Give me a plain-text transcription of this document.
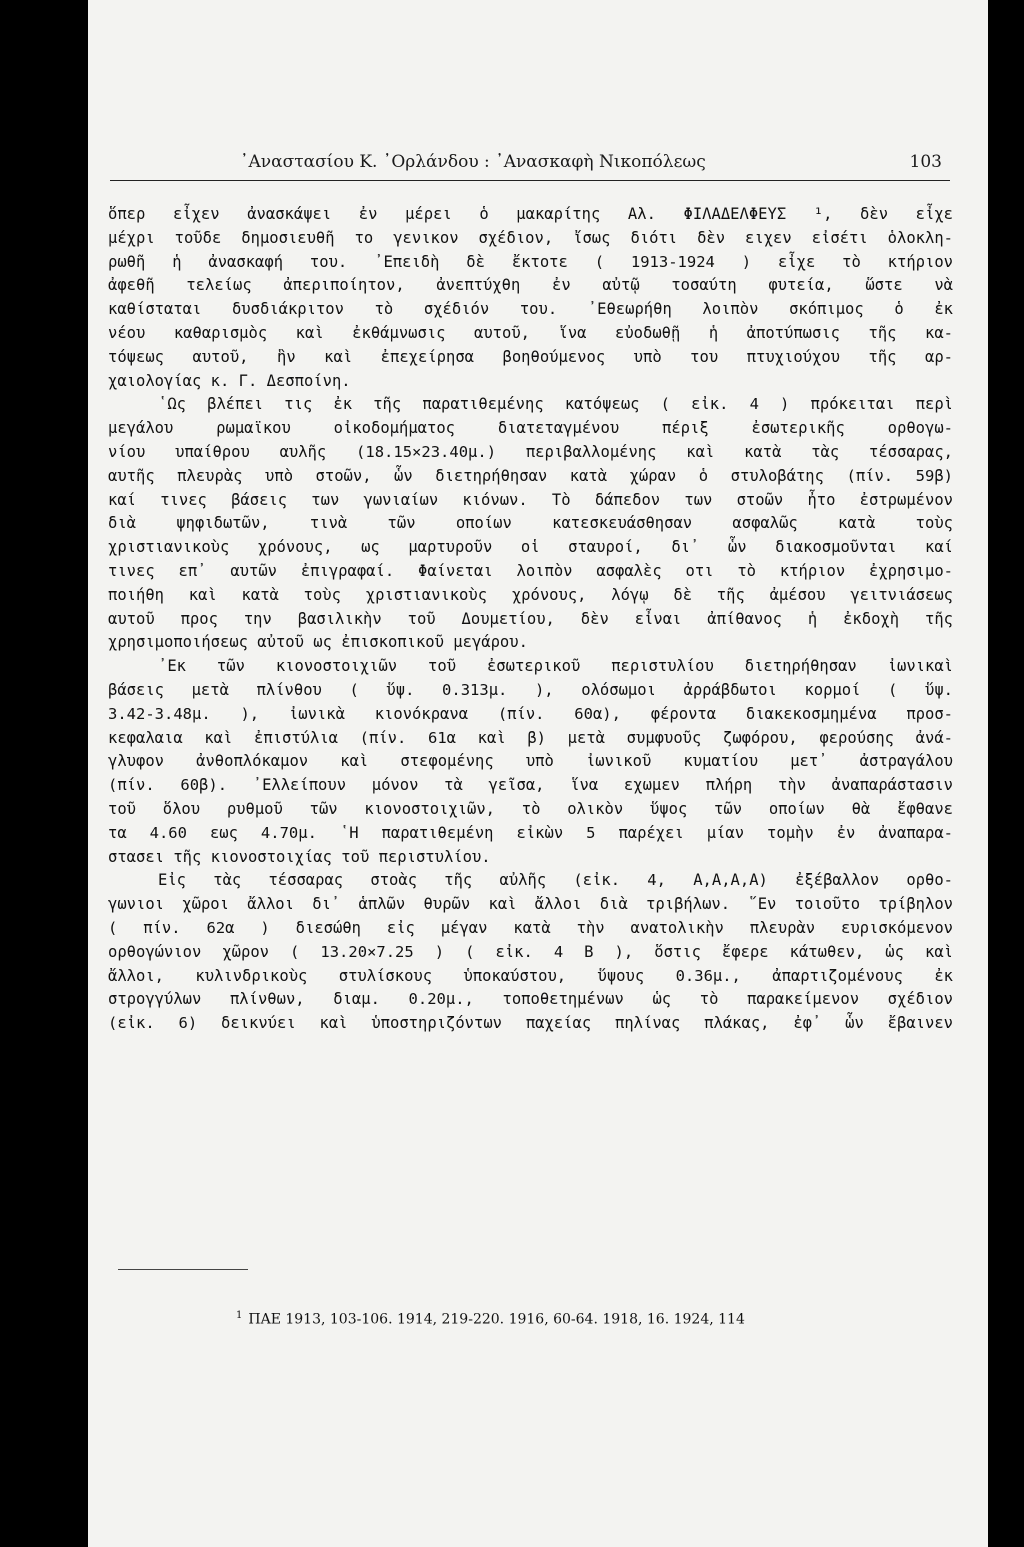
᾿Αναστασίου Κ. ᾿Ορλάνδου : ᾿Ανασκαφὴ Νικοπόλεως	103
ὅπερ εἶχεν ἀνασκάψει ἐν μέρει ὁ μακαρίτης Αλ. ΦΙΛΑΔΕΛΦΕΥΣ ¹, δὲν εἶχε
μέχρι τοῦδε δημοσιευθῆ το γενικον σχέδιον, ἴσως διότι δὲν ειχεν εἰσέτι ὁλοκλη-
ρωθῆ ἡ ἀνασκαφή του. ᾿Επειδὴ δὲ ἔκτοτε ( 1913-1924 ) εἶχε τὸ κτήριον
ἀφεθῆ τελείως ἀπεριποίητον, ἀνεπτύχθη ἐν αὐτῷ τοσαύτη φυτεία, ὥστε νὰ
καθίσταται δυσδιάκριτον τὸ σχέδιόν του. ᾿Εθεωρήθη λοιπὸν σκόπιμος ὁ ἐκ
νέου καθαρισμὸς καὶ ἐκθάμνωσις αυτοῦ, ἵνα εὐοδωθῇ ἡ ἀποτύπωσις τῆς κα-
τόψεως αυτοῦ, ἣν καὶ ἐπεχείρησα βοηθούμενος υπὸ του πτυχιούχου τῆς αρ-
χαιολογίας κ. Γ. Δεσποίνη.
῾Ως βλέπει τις ἐκ τῆς παρατιθεμένης κατόψεως ( εἰκ. 4 ) πρόκειται περὶ
μεγάλου ρωμαϊκου οἰκοδομήματος διατεταγμένου πέριξ ἐσωτερικῆς ορθογω-
νίου υπαίθρου αυλῆς (18.15×23.40μ.) περιβαλλομένης καὶ κατὰ τὰς τέσσαρας,
αυτῆς πλευρὰς υπὸ στοῶν, ὧν διετηρήθησαν κατὰ χώραν ὁ στυλοβάτης (πίν. 59β)
καί τινες βάσεις των γωνιαίων κιόνων. Τὸ δάπεδον των στοῶν ἦτο ἐστρωμένον
διὰ ψηφιδωτῶν, τινὰ τῶν οποίων κατεσκευάσθησαν ασφαλῶς κατὰ τοὺς
χριστιανικοὺς χρόνους, ως μαρτυροῦν οἱ σταυροί, δι᾿ ὧν διακοσμοῦνται καί
τινες επ᾿ αυτῶν ἐπιγραφαί. Φαίνεται λοιπὸν ασφαλὲς οτι τὸ κτήριον ἐχρησιμο-
ποιήθη καὶ κατὰ τοὺς χριστιανικοὺς χρόνους, λόγῳ δὲ τῆς ἀμέσου γειτνιάσεως
αυτοῦ προς την βασιλικὴν τοῦ Δουμετίου, δὲν εἶναι ἀπίθανος ἡ ἐκδοχὴ τῆς
χρησιμοποιήσεως αὐτοῦ ως ἐπισκοπικοῦ μεγάρου.
᾿Εκ τῶν κιονοστοιχιῶν τοῦ ἐσωτερικοῦ περιστυλίου διετηρήθησαν ἰωνικαὶ
βάσεις μετὰ πλίνθου ( ὕψ. 0.313μ. ), ολόσωμοι ἀρράβδωτοι κορμοί ( ὕψ.
3.42-3.48μ. ), ἰωνικὰ κιονόκρανα (πίν. 60α), φέροντα διακεκοσμημένα προσ-
κεφαλαια καὶ ἐπιστύλια (πίν. 61α καὶ β) μετὰ συμφυοῦς ζωφόρου, φερούσης ἀνά-
γλυφον ἀνθοπλόκαμον καὶ στεφομένης υπὸ ἰωνικοῦ κυματίου μετ᾿ ἀστραγάλου
(πίν. 60β). ᾿Ελλείπουν μόνον τὰ γεῖσα, ἵνα εχωμεν πλήρη τὴν ἀναπαράστασιν
τοῦ ὅλου ρυθμοῦ τῶν κιονοστοιχιῶν, τὸ ολικὸν ὕψος τῶν οποίων θὰ ἔφθανε
τα 4.60 εως 4.70μ. ῾Η παρατιθεμένη εἰκὼν 5 παρέχει μίαν τομὴν ἐν ἀναπαρα-
στασει τῆς κιονοστοιχίας τοῦ περιστυλίου.
Εἰς τὰς τέσσαρας στοὰς τῆς αὐλῆς (εἰκ. 4, Α,Α,Α,Α) ἐξέβαλλον ορθο-
γωνιοι χῶροι ἄλλοι δι᾿ ἁπλῶν θυρῶν καὶ ἄλλοι διὰ τριβήλων. ῞Εν τοιοῦτο τρίβηλον
( πίν. 62α ) διεσώθη εἰς μέγαν κατὰ τὴν ανατολικὴν πλευρὰν ευρισκόμενον
ορθογώνιον χῶρον ( 13.20×7.25 ) ( εἰκ. 4 Β ), ὅστις ἔφερε κάτωθεν, ὡς καὶ
ἄλλοι, κυλινδρικοὺς στυλίσκους ὑποκαύστου, ὕψους 0.36μ., ἀπαρτιζομένους ἐκ
στρογγύλων πλίνθων, διαμ. 0.20μ., τοποθετημένων ὡς τὸ παρακείμενον σχέδιον
(εἰκ. 6) δεικνύει καὶ ὑποστηριζόντων παχείας πηλίνας πλάκας, ἐφ᾿ ὧν ἔβαινεν
$^1$ ΠΑΕ 1913, 103-106. 1914, 219-220. 1916, 60-64. 1918, 16. 1924, 114
